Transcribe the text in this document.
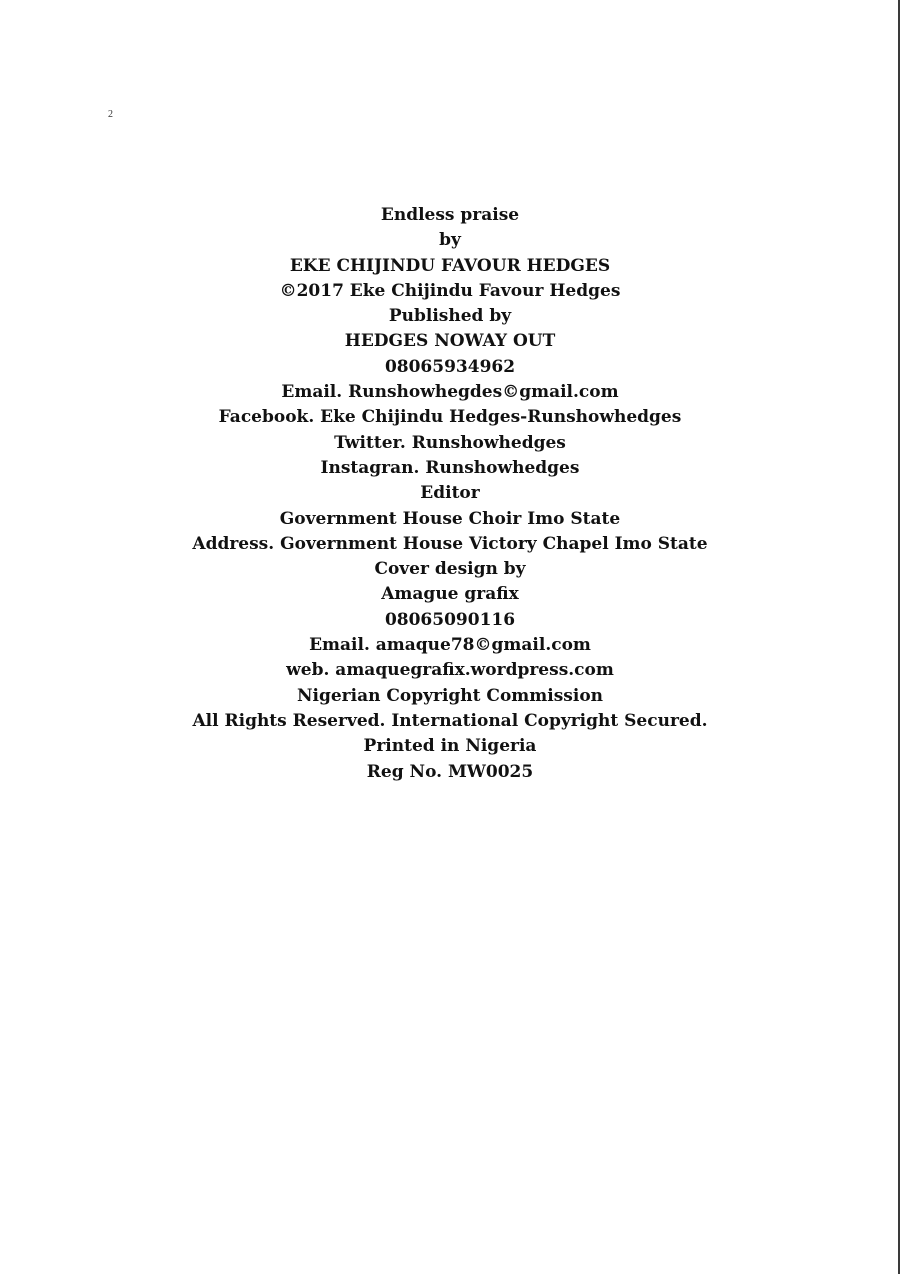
2
Endless praise
by
EKE CHIJINDU FAVOUR HEDGES
©2017 Eke Chijindu Favour Hedges
Published by
HEDGES NOWAY OUT
08065934962
Email. Runshowhegdes©gmail.com
Facebook. Eke Chijindu Hedges-Runshowhedges
Twitter. Runshowhedges
Instagran. Runshowhedges
Editor
Government House Choir Imo State
Address. Government House Victory Chapel Imo State
Cover design by
Amague grafix
08065090116
Email. amaque78©gmail.com
web. amaquegrafix.wordpress.com
Nigerian Copyright Commission
All Rights Reserved. International Copyright Secured.
Printed in Nigeria
Reg No. MW0025
